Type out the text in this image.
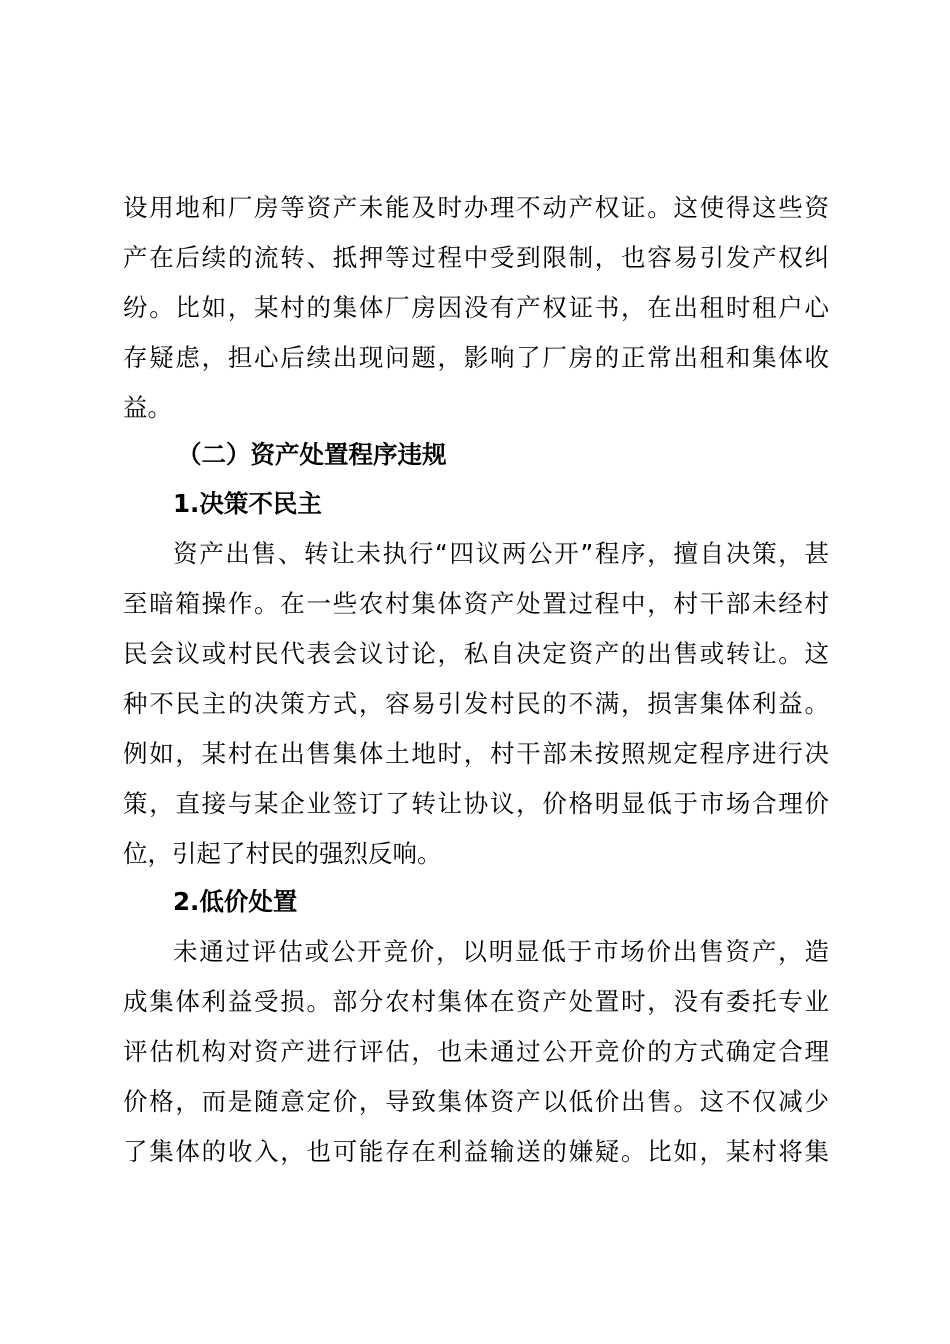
设用地和厂房等资产未能及时办理不动产权证。这使得这些资
产在后续的流转、抵押等过程中受到限制，也容易引发产权纠
纷。比如，某村的集体厂房因没有产权证书，在出租时租户心
存疑虑，担心后续出现问题，影响了厂房的正常出租和集体收
益。
（二）资产处置程序违规
1.决策不民主
资产出售、转让未执行“四议两公开”程序，擅自决策，甚
至暗箱操作。在一些农村集体资产处置过程中，村干部未经村
民会议或村民代表会议讨论，私自决定资产的出售或转让。这
种不民主的决策方式，容易引发村民的不满，损害集体利益。
例如，某村在出售集体土地时，村干部未按照规定程序进行决
策，直接与某企业签订了转让协议，价格明显低于市场合理价
位，引起了村民的强烈反响。
2.低价处置
未通过评估或公开竞价，以明显低于市场价出售资产，造
成集体利益受损。部分农村集体在资产处置时，没有委托专业
评估机构对资产进行评估，也未通过公开竞价的方式确定合理
价格，而是随意定价，导致集体资产以低价出售。这不仅减少
了集体的收入，也可能存在利益输送的嫌疑。比如，某村将集
